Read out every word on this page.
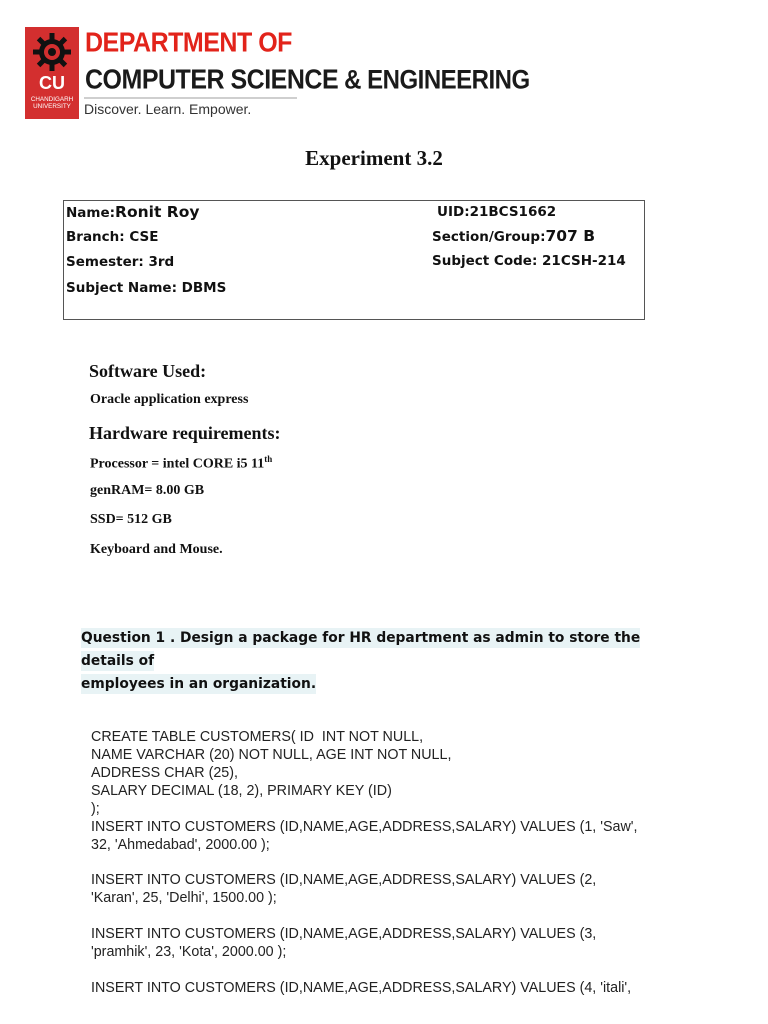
CU
CHANDIGARH
UNIVERSITY
DEPARTMENT OF
COMPUTER SCIENCE & ENGINEERING
Discover. Learn. Empower.
Experiment 3.2
Name:Ronit Roy	UID:21BCS1662
Branch: CSE	Section/Group:707 B
Semester: 3rd	Subject Code: 21CSH-214
Subject Name: DBMS
Software Used:
Oracle application express
Hardware requirements:
Processor = intel CORE i5 11th
genRAM= 8.00 GB
SSD= 512 GB
Keyboard and Mouse.
Question 1 . Design a package for HR department as admin to store the details of
employees in an organization.
CREATE TABLE CUSTOMERS( ID  INT NOT NULL,
NAME VARCHAR (20) NOT NULL, AGE INT NOT NULL,
ADDRESS CHAR (25),
SALARY DECIMAL (18, 2), PRIMARY KEY (ID)
);
INSERT INTO CUSTOMERS (ID,NAME,AGE,ADDRESS,SALARY) VALUES (1, 'Saw',
32, 'Ahmedabad', 2000.00 );
INSERT INTO CUSTOMERS (ID,NAME,AGE,ADDRESS,SALARY) VALUES (2,
'Karan', 25, 'Delhi', 1500.00 );
INSERT INTO CUSTOMERS (ID,NAME,AGE,ADDRESS,SALARY) VALUES (3,
'pramhik', 23, 'Kota', 2000.00 );
INSERT INTO CUSTOMERS (ID,NAME,AGE,ADDRESS,SALARY) VALUES (4, 'itali',
